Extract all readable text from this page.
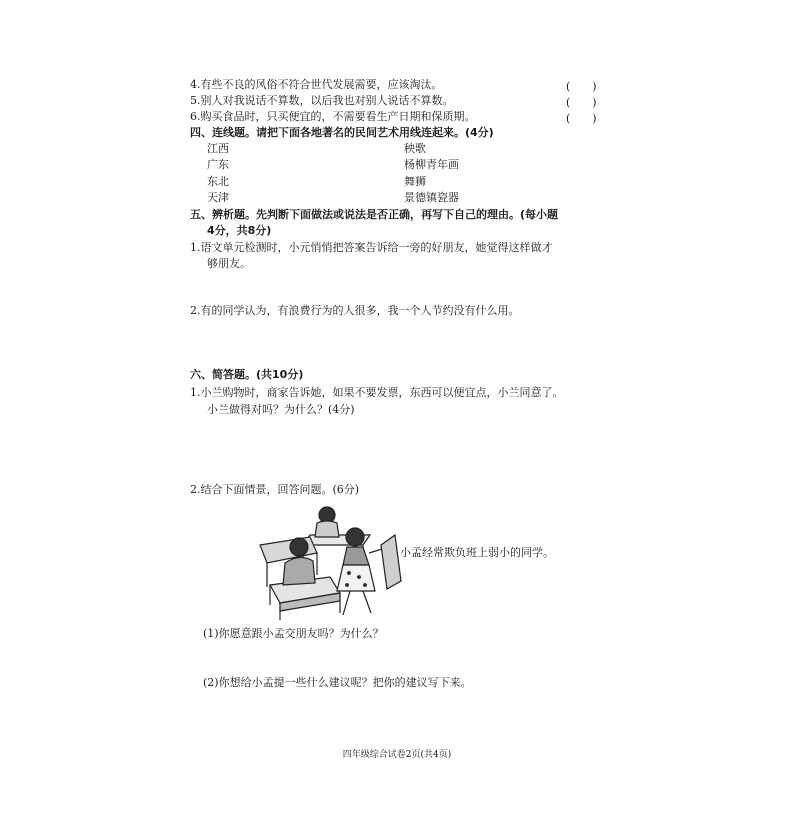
4.有些不良的风俗不符合世代发展需要，应该淘汰。	(　　)
5.别人对我说话不算数，以后我也对别人说话不算数。	(　　)
6.购买食品时，只买便宜的，不需要看生产日期和保质期。	(　　)
四、连线题。请把下面各地著名的民间艺术用线连起来。(4分)
江西
广东
东北
天津
秧歌
杨柳青年画
舞狮
景德镇瓷器
五、辨析题。先判断下面做法或说法是否正确，再写下自己的理由。(每小题
4分，共8分)
1.语文单元检测时，小元悄悄把答案告诉给一旁的好朋友，她觉得这样做才
够朋友。
2.有的同学认为，有浪费行为的人很多，我一个人节约没有什么用。
六、简答题。(共10分)
1.小兰购物时，商家告诉她，如果不要发票，东西可以便宜点，小兰同意了。
小兰做得对吗？为什么？(4分)
2.结合下面情景，回答问题。(6分)
小孟经常欺负班上弱小的同学。
(1)你愿意跟小孟交朋友吗？为什么？
(2)你想给小孟提一些什么建议呢？把你的建议写下来。
四年级综合试卷2页(共4页)
